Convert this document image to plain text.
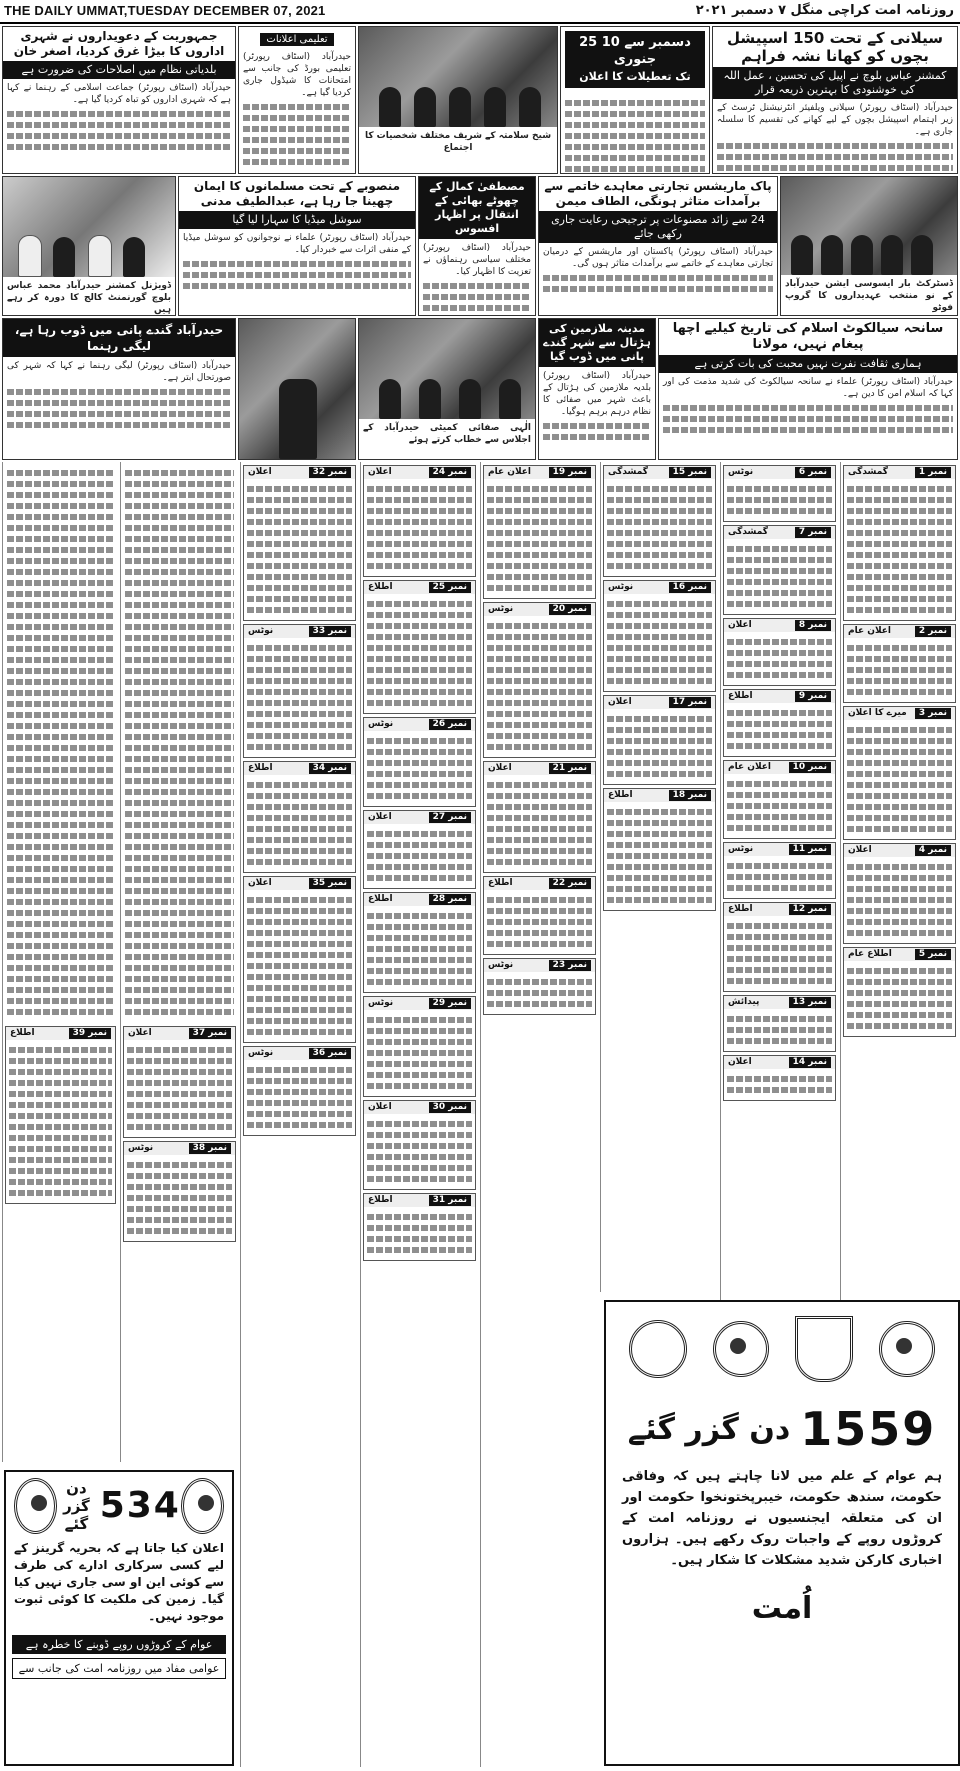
THE DAILY UMMAT,TUESDAY DECEMBER 07, 2021	روزنامہ امت کراچی منگل ۷ دسمبر ۲۰۲۱
سیلانی کے تحت 150 اسپیشل بچوں کو کھانا نشہ فراہم
کمشنر عباس بلوچ نے اپیل کی تحسین ، عمل اللہ کی خوشنودی کا بہترین ذریعہ قرار
حیدرآباد (اسٹاف رپورٹر) سیلانی ویلفیئر انٹرنیشنل ٹرسٹ کے زیر اہتمام اسپیشل بچوں کے لیے کھانے کی تقسیم کا سلسلہ جاری ہے۔
25 دسمبر سے 10 جنوری
تک تعطیلات کا اعلان
شیخ سلامتہ کے شریف مختلف شخصیات کا اجتماع
تعلیمی اعلانات
حیدرآباد (اسٹاف رپورٹر) تعلیمی بورڈ کی جانب سے امتحانات کا شیڈول جاری کردیا گیا ہے۔
جمہوریت کے دعویداروں نے شہری اداروں کا بیڑا غرق کردیا، اصغر خان
بلدیاتی نظام میں اصلاحات کی ضرورت ہے
حیدرآباد (اسٹاف رپورٹر) جماعت اسلامی کے رہنما نے کہا ہے کہ شہری اداروں کو تباہ کردیا گیا ہے۔
ڈسٹرکٹ بار ایسوسی ایشن حیدرآباد کے نو منتخب عہدیداروں کا گروپ فوٹو
پاک ماریشس تجارتی معاہدے خاتمے سے برآمدات متاثر ہونگی، الطاف میمن
24 سے زائد مصنوعات پر ترجیحی رعایت جاری رکھی جائے
حیدرآباد (اسٹاف رپورٹر) پاکستان اور ماریشس کے درمیان تجارتی معاہدے کے خاتمے سے برآمدات متاثر ہوں گی۔
مصطفیٰ کمال کے چھوٹے بھائی کے انتقال پر اظہار افسوس
حیدرآباد (اسٹاف رپورٹر) مختلف سیاسی رہنماؤں نے تعزیت کا اظہار کیا۔
منصوبے کے تحت مسلمانوں کا ایمان چھینا جا رہا ہے، عبدالطیف مدنی
سوشل میڈیا کا سہارا لیا گیا
حیدرآباد (اسٹاف رپورٹر) علماء نے نوجوانوں کو سوشل میڈیا کے منفی اثرات سے خبردار کیا۔
ڈویژنل کمشنر حیدرآباد محمد عباس بلوچ گورنمنٹ کالج کا دورہ کر رہے ہیں
سانحہ سیالکوٹ اسلام کی تاریخ کیلیے اچھا پیغام نہیں، مولانا
ہماری ثقافت نفرت نہیں محبت کی بات کرتی ہے
حیدرآباد (اسٹاف رپورٹر) علماء نے سانحہ سیالکوٹ کی شدید مذمت کی اور کہا کہ اسلام امن کا دین ہے۔
مدینہ ملازمین کی ہڑتال سے شہر گندے پانی میں ڈوب گیا
حیدرآباد (اسٹاف رپورٹر) بلدیہ ملازمین کی ہڑتال کے باعث شہر میں صفائی کا نظام درہم برہم ہوگیا۔
الٰہی صفائی کمیٹی حیدرآباد کے اجلاس سے خطاب کرتے ہوئے
حیدرآباد گندے پانی میں ڈوب رہا ہے، لیگی رہنما
حیدرآباد (اسٹاف رپورٹر) لیگی رہنما نے کہا کہ شہر کی صورتحال ابتر ہے۔
نمبر 1
گمشدگی
نمبر 2
اعلان عام
نمبر 3
میرے کا اعلان
نمبر 4
اعلان
نمبر 5
اطلاع عام
نمبر 6
نوٹس
نمبر 7
گمشدگی
نمبر 8
اعلان
نمبر 9
اطلاع
نمبر 10
اعلان عام
نمبر 11
نوٹس
نمبر 12
اطلاع
نمبر 13
پیدائش
نمبر 14
اعلان
نمبر 15
گمشدگی
نمبر 16
نوٹس
نمبر 17
اعلان
نمبر 18
اطلاع
نمبر 19
اعلان عام
نمبر 20
نوٹس
نمبر 21
اعلان
نمبر 22
اطلاع
نمبر 23
نوٹس
نمبر 24
اعلان
نمبر 25
اطلاع
نمبر 26
نوٹس
نمبر 27
اعلان
نمبر 28
اطلاع
نمبر 29
نوٹس
نمبر 30
اعلان
نمبر 31
اطلاع
نمبر 32
اعلان
نمبر 33
نوٹس
نمبر 34
اطلاع
نمبر 35
اعلان
نمبر 36
نوٹس
نمبر 37
اعلان
نمبر 38
نوٹس
نمبر 39
اطلاع
534
دن گزر گئے
اعلان کیا جاتا ہے کہ بحریہ گرینز کے لیے کسی سرکاری ادارے کی طرف سے کوئی این او سی جاری نہیں کیا گیا۔ زمین کی ملکیت کا کوئی ثبوت موجود نہیں۔
عوام کے کروڑوں روپے ڈوبنے کا خطرہ ہے
عوامی مفاد میں روزنامہ امت کی جانب سے
1559
دن گزر گئے
ہم عوام کے علم میں لانا چاہتے ہیں کہ وفاقی حکومت، سندھ حکومت، خیبرپختونخوا حکومت اور ان کی متعلقہ ایجنسیوں نے روزنامہ امت کے کروڑوں روپے کے واجبات روک رکھے ہیں۔ ہزاروں اخباری کارکن شدید مشکلات کا شکار ہیں۔
اُمت
